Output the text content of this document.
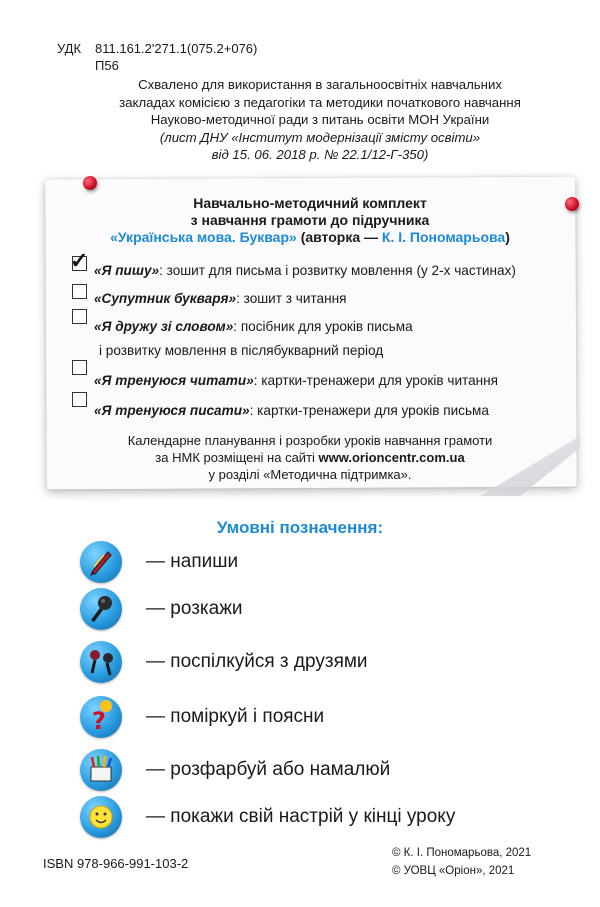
УДК	811.161.2'271.1(075.2+076)
П56
Схвалено для використання в загальноосвітніх навчальних
закладах комісією з педагогіки та методики початкового навчання
Науково-методичної ради з питань освіти МОН України
(лист ДНУ «Інститут модернізації змісту освіти»
від 15. 06. 2018 р. № 22.1/12-Г-350)
Навчально-методичний комплект
з навчання грамоти до підручника
«Українська мова. Буквар» (авторка — К. І. Пономарьова)
✓ «Я пишу»: зошит для письма і розвитку мовлення (у 2-х частинах)
«Супутник букваря»: зошит з читання
«Я дружу зі словом»: посібник для уроків письма
і розвитку мовлення в післябукварний період
«Я тренуюся читати»: картки-тренажери для уроків читання
«Я тренуюся писати»: картки-тренажери для уроків письма
Календарне планування і розробки уроків навчання грамоти
за НМК розміщені на сайті www.orioncentr.com.ua
у розділі «Методична підтримка».
Умовні позначення:
— напиши
— розкажи
— поспілкуйся з друзями
? — поміркуй і поясни
— розфарбуй або намалюй
— покажи свій настрій у кінці уроку
ISBN 978-966-991-103-2
© К. І. Пономарьова, 2021
© УОВЦ «Оріон», 2021
